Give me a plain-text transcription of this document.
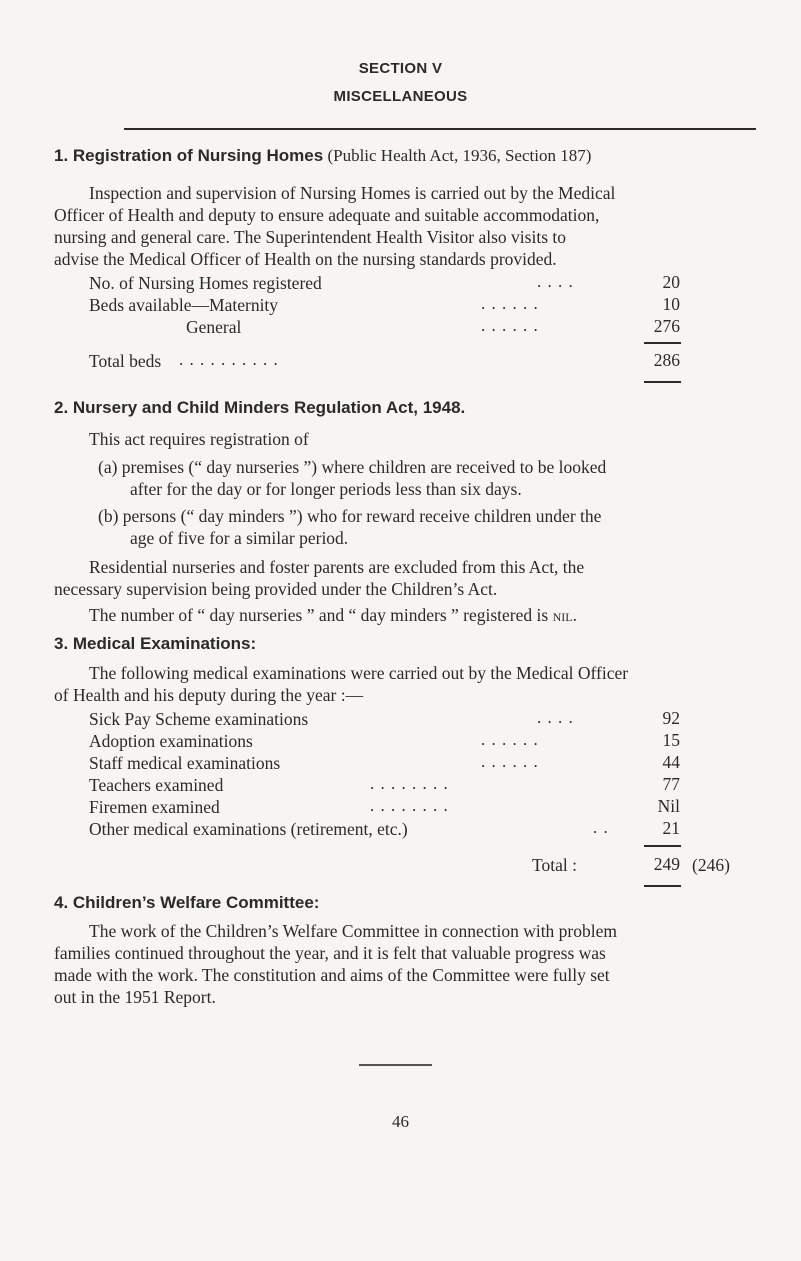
SECTION V
MISCELLANEOUS
1. Registration of Nursing Homes (Public Health Act, 1936, Section 187)
Inspection and supervision of Nursing Homes is carried out by the Medical
Officer of Health and deputy to ensure adequate and suitable accommodation,
nursing and general care. The Superintendent Health Visitor also visits to
advise the Medical Officer of Health on the nursing standards provided.
No. of Nursing Homes registered	. . . .	20
Beds available—Maternity	. . . . . .	10
General	. . . . . .	276
Total beds . . . . . . . . . .	286
2. Nursery and Child Minders Regulation Act, 1948.
This act requires registration of
(a) premises (“ day nurseries ”) where children are received to be looked
after for the day or for longer periods less than six days.
(b) persons (“ day minders ”) who for reward receive children under the
age of five for a similar period.
Residential nurseries and foster parents are excluded from this Act, the
necessary supervision being provided under the Children’s Act.
The number of “ day nurseries ” and “ day minders ” registered is nil.
3. Medical Examinations:
The following medical examinations were carried out by the Medical Officer
of Health and his deputy during the year :—
Sick Pay Scheme examinations	. . . .	92
Adoption examinations	. . . . . .	15
Staff medical examinations	. . . . . .	44
Teachers examined	. . . . . . . .	77
Firemen examined	. . . . . . . .	Nil
Other medical examinations (retirement, etc.)	. .	21
Total :	249 (246)
4. Children’s Welfare Committee:
The work of the Children’s Welfare Committee in connection with problem
families continued throughout the year, and it is felt that valuable progress was
made with the work. The constitution and aims of the Committee were fully set
out in the 1951 Report.
46
